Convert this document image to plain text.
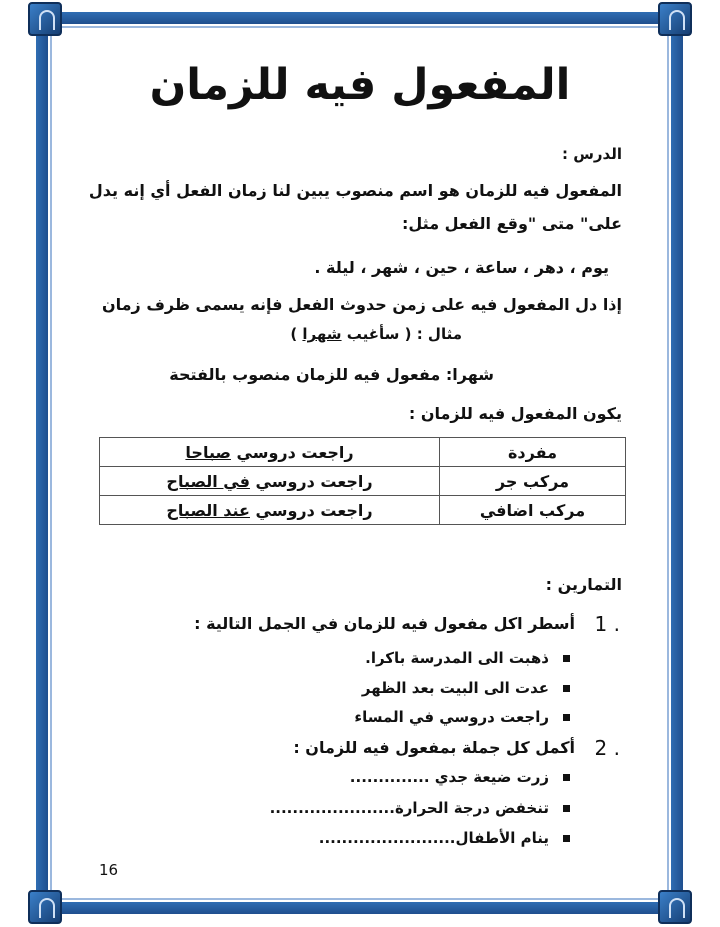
المفعول فيه للزمان
الدرس :
المفعول فيه للزمان هو اسم منصوب يبين لنا زمان الفعل أي إنه يدل
على" متى "وقع الفعل مثل:
يوم ، دهر ، ساعة ، حين ، شهر ، ليلة .
إذا دل المفعول فيه على زمن حدوث الفعل فإنه يسمى ظرف زمان
مثال : ( سأغيب شهرا )
شهرا: مفعول فيه للزمان منصوب بالفتحة
يكون المفعول فيه للزمان :
مفردة	راجعت دروسي صباحا
مركب جر	راجعت دروسي في الصباح
مركب اضافي	راجعت دروسي عند الصباح
التمارين :
1 .
أسطر اكل مفعول فيه للزمان في الجمل التالية :
ذهبت الى المدرسة باكرا.
عدت الى البيت بعد الظهر
راجعت دروسي في المساء
2 .
أكمل كل جملة بمفعول فيه للزمان :
زرت ضيعة جدي ..............
تنخفض درجة الحرارة......................
ينام الأطفال........................
16
